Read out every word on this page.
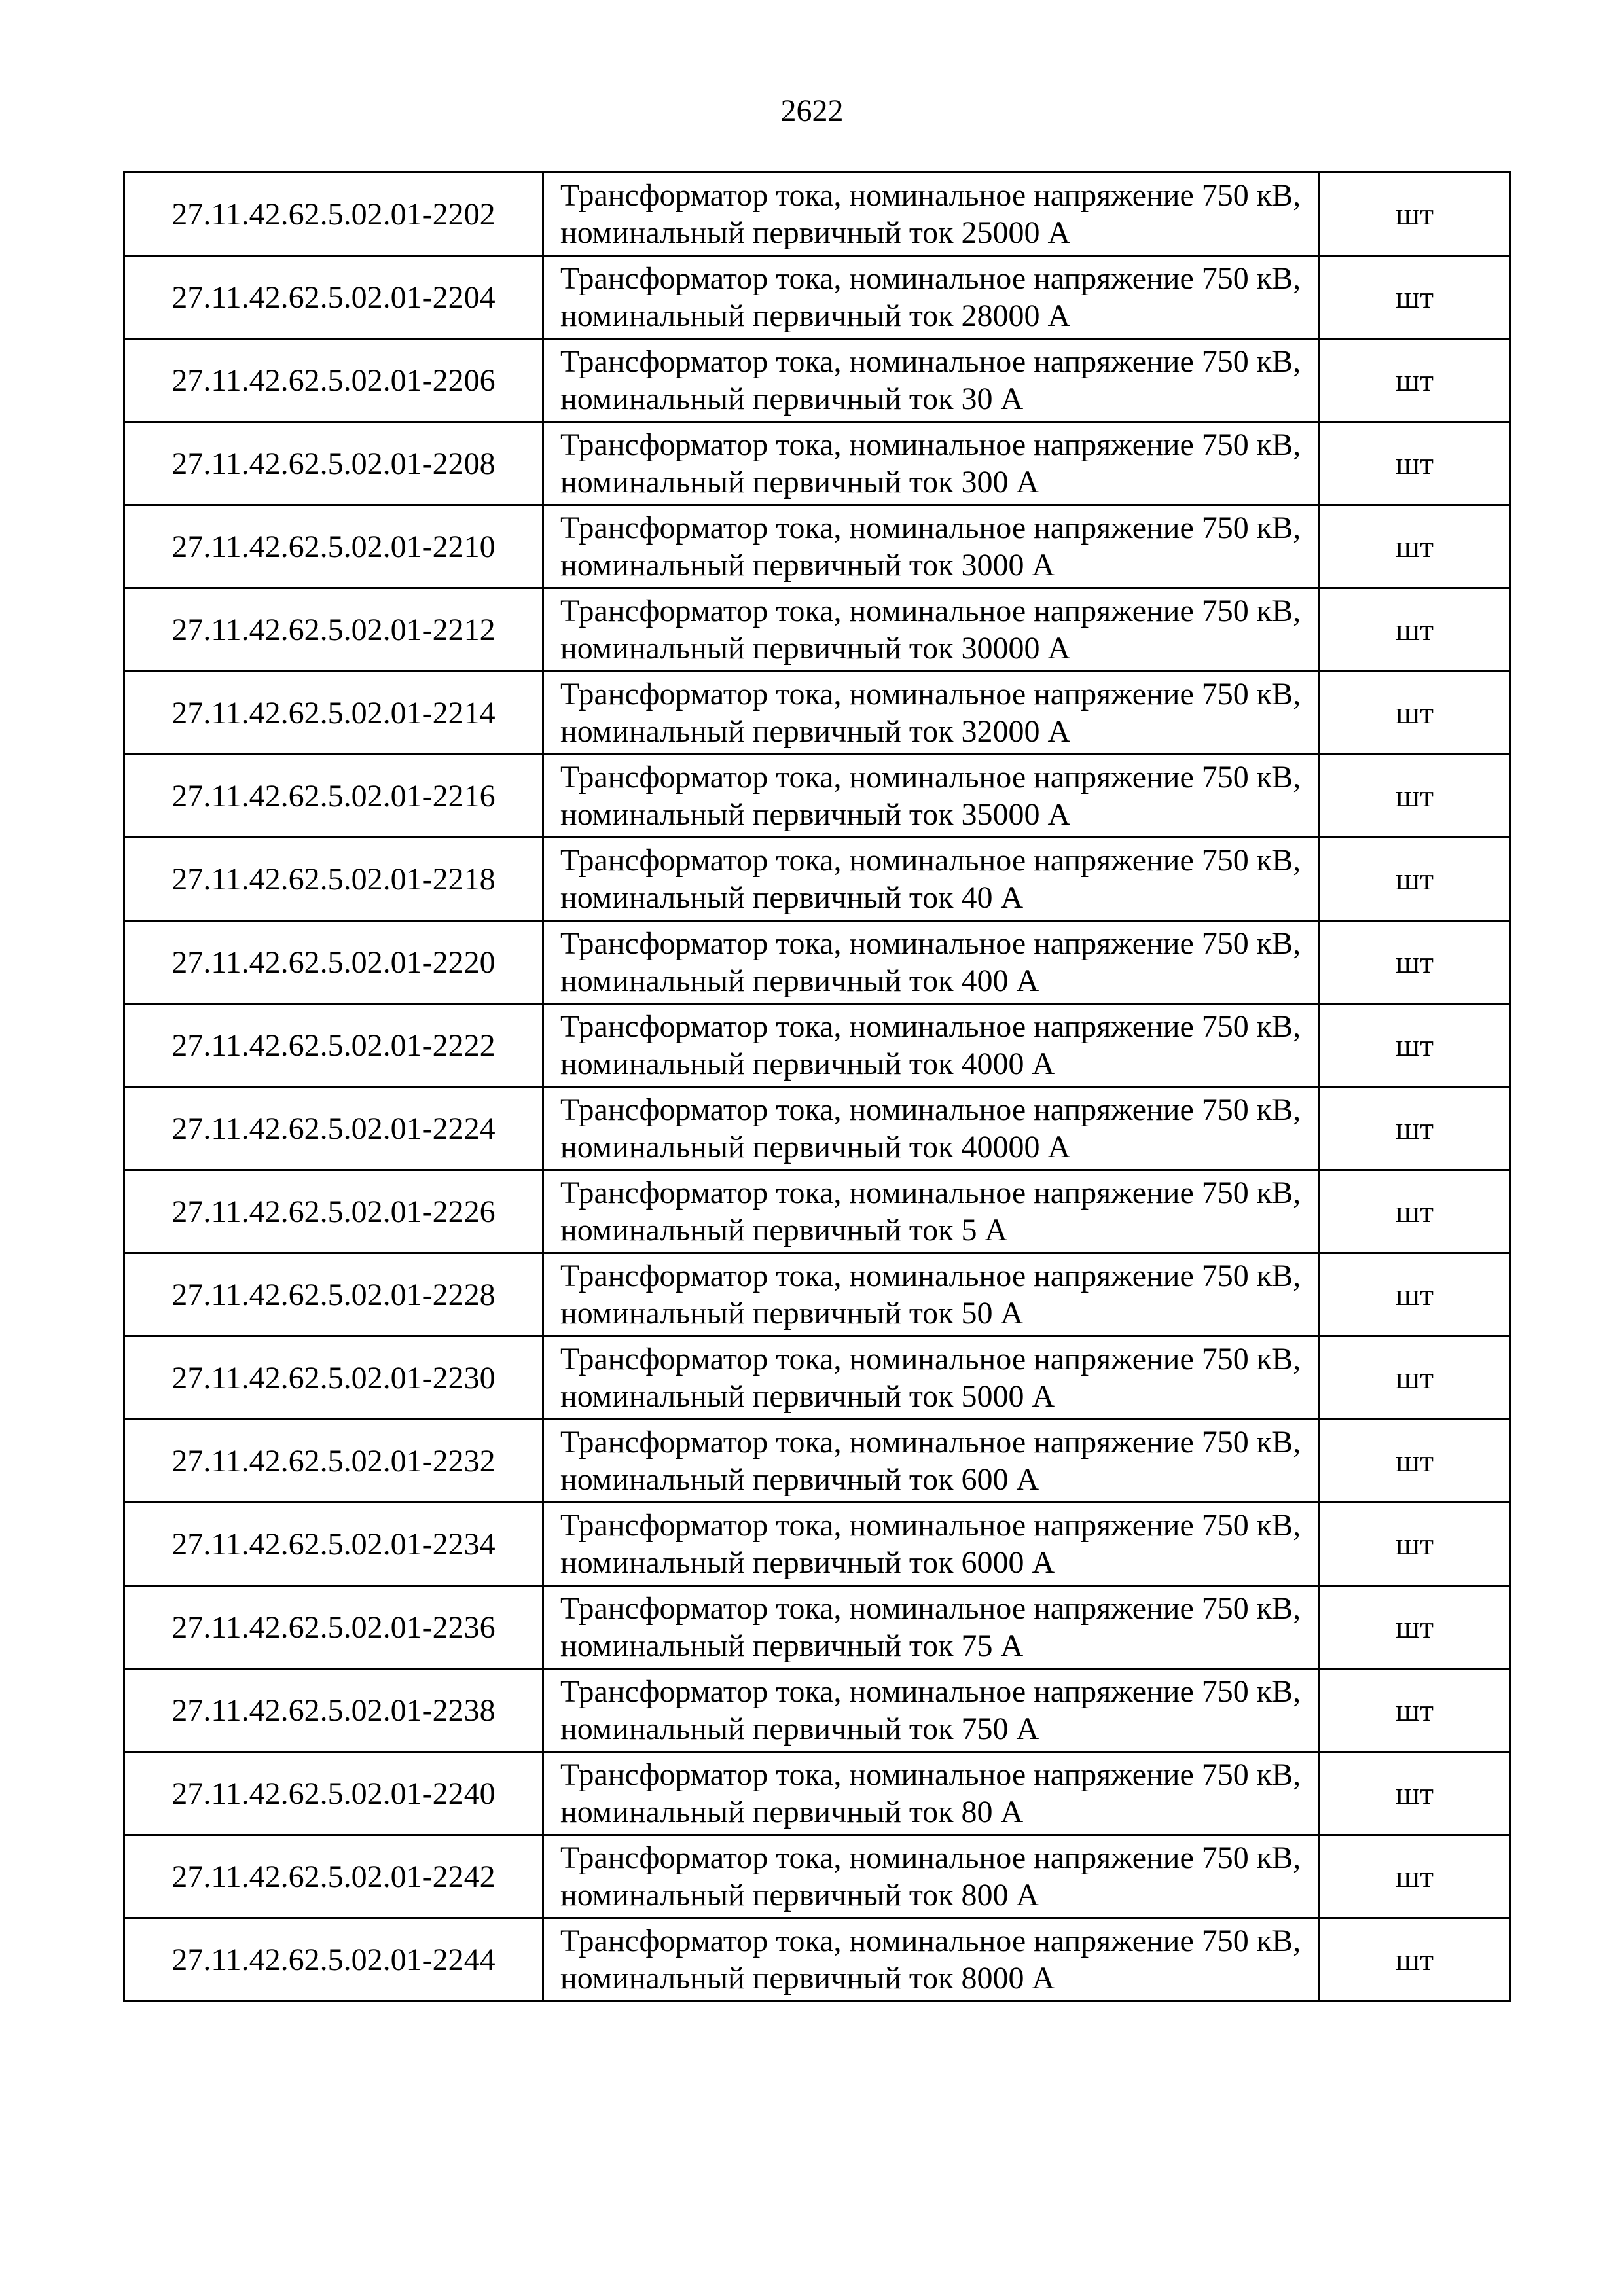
2622
27.11.42.62.5.02.01-2202	Трансформатор тока, номинальное напряжение 750 кВ, номинальный первичный ток 25000 А	шт
27.11.42.62.5.02.01-2204	Трансформатор тока, номинальное напряжение 750 кВ, номинальный первичный ток 28000 А	шт
27.11.42.62.5.02.01-2206	Трансформатор тока, номинальное напряжение 750 кВ, номинальный первичный ток 30 А	шт
27.11.42.62.5.02.01-2208	Трансформатор тока, номинальное напряжение 750 кВ, номинальный первичный ток 300 А	шт
27.11.42.62.5.02.01-2210	Трансформатор тока, номинальное напряжение 750 кВ, номинальный первичный ток 3000 А	шт
27.11.42.62.5.02.01-2212	Трансформатор тока, номинальное напряжение 750 кВ, номинальный первичный ток 30000 А	шт
27.11.42.62.5.02.01-2214	Трансформатор тока, номинальное напряжение 750 кВ, номинальный первичный ток 32000 А	шт
27.11.42.62.5.02.01-2216	Трансформатор тока, номинальное напряжение 750 кВ, номинальный первичный ток 35000 А	шт
27.11.42.62.5.02.01-2218	Трансформатор тока, номинальное напряжение 750 кВ, номинальный первичный ток 40 А	шт
27.11.42.62.5.02.01-2220	Трансформатор тока, номинальное напряжение 750 кВ, номинальный первичный ток 400 А	шт
27.11.42.62.5.02.01-2222	Трансформатор тока, номинальное напряжение 750 кВ, номинальный первичный ток 4000 А	шт
27.11.42.62.5.02.01-2224	Трансформатор тока, номинальное напряжение 750 кВ, номинальный первичный ток 40000 А	шт
27.11.42.62.5.02.01-2226	Трансформатор тока, номинальное напряжение 750 кВ, номинальный первичный ток 5 А	шт
27.11.42.62.5.02.01-2228	Трансформатор тока, номинальное напряжение 750 кВ, номинальный первичный ток 50 А	шт
27.11.42.62.5.02.01-2230	Трансформатор тока, номинальное напряжение 750 кВ, номинальный первичный ток 5000 А	шт
27.11.42.62.5.02.01-2232	Трансформатор тока, номинальное напряжение 750 кВ, номинальный первичный ток 600 А	шт
27.11.42.62.5.02.01-2234	Трансформатор тока, номинальное напряжение 750 кВ, номинальный первичный ток 6000 А	шт
27.11.42.62.5.02.01-2236	Трансформатор тока, номинальное напряжение 750 кВ, номинальный первичный ток 75 А	шт
27.11.42.62.5.02.01-2238	Трансформатор тока, номинальное напряжение 750 кВ, номинальный первичный ток 750 А	шт
27.11.42.62.5.02.01-2240	Трансформатор тока, номинальное напряжение 750 кВ, номинальный первичный ток 80 А	шт
27.11.42.62.5.02.01-2242	Трансформатор тока, номинальное напряжение 750 кВ, номинальный первичный ток 800 А	шт
27.11.42.62.5.02.01-2244	Трансформатор тока, номинальное напряжение 750 кВ, номинальный первичный ток 8000 А	шт
